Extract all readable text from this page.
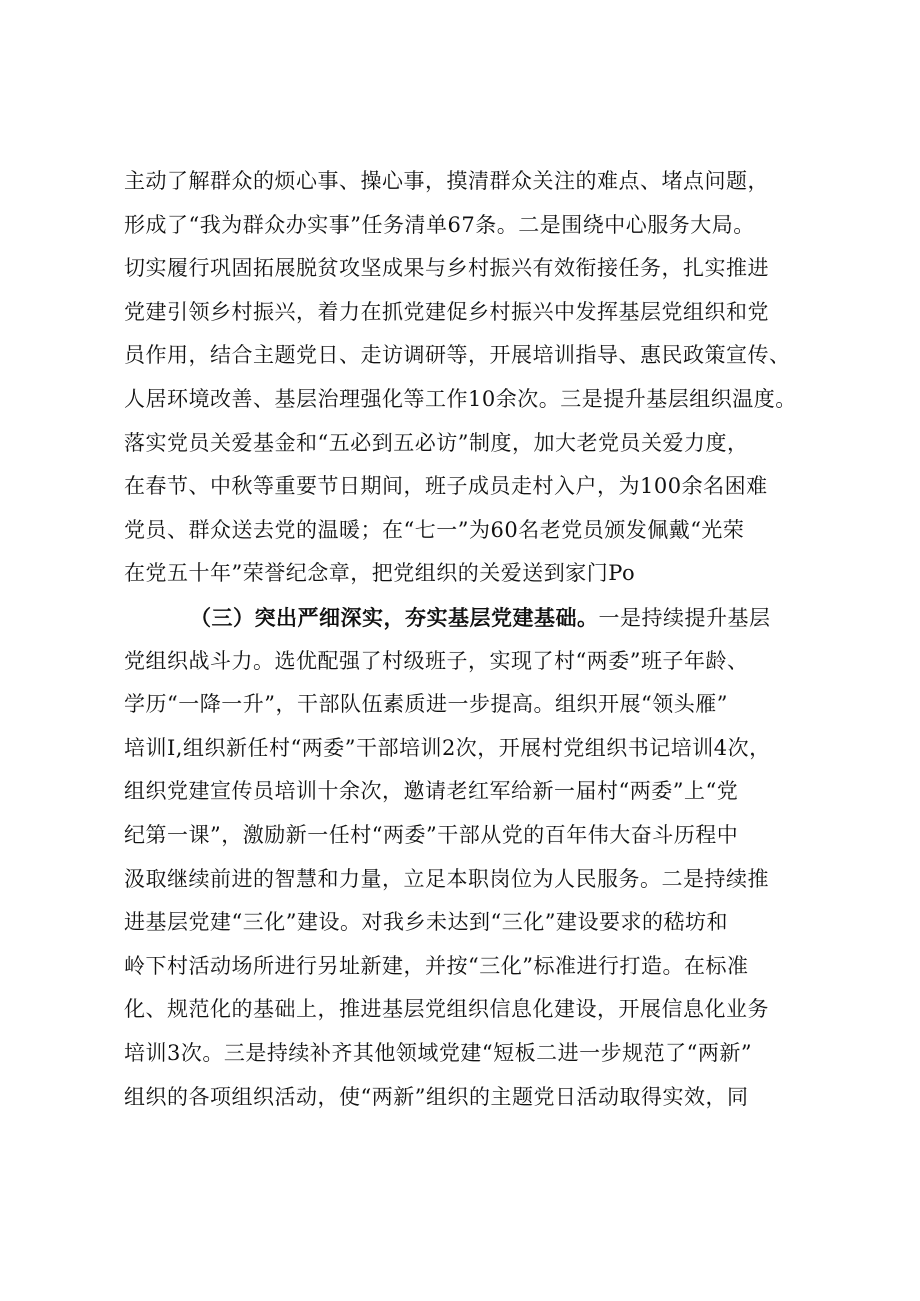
主动了解群众的烦心事、操心事，摸清群众关注的难点、堵点问题，
形成了“我为群众办实事”任务清单67条。二是围绕中心服务大局。
切实履行巩固拓展脱贫攻坚成果与乡村振兴有效衔接任务，扎实推进
党建引领乡村振兴，着力在抓党建促乡村振兴中发挥基层党组织和党
员作用，结合主题党日、走访调研等，开展培训指导、惠民政策宣传、
人居环境改善、基层治理强化等工作10余次。三是提升基层组织温度。
落实党员关爱基金和“五必到五必访”制度，加大老党员关爱力度，
在春节、中秋等重要节日期间，班子成员走村入户，为100余名困难
党员、群众送去党的温暖；在“七一”为60名老党员颁发佩戴“光荣
在党五十年”荣誉纪念章，把党组织的关爱送到家门Po
（三）突出严细深实，夯实基层党建基础。一是持续提升基层
党组织战斗力。选优配强了村级班子，实现了村“两委”班子年龄、
学历“一降一升”，干部队伍素质进一步提高。组织开展“领头雁”
培训I,组织新任村“两委”干部培训2次，开展村党组织书记培训4次，
组织党建宣传员培训十余次，邀请老红军给新一届村“两委”上“党
纪第一课”，激励新一任村“两委”干部从党的百年伟大奋斗历程中
汲取继续前进的智慧和力量，立足本职岗位为人民服务。二是持续推
进基层党建“三化”建设。对我乡未达到“三化”建设要求的嵇坊和
岭下村活动场所进行另址新建，并按“三化”标准进行打造。在标准
化、规范化的基础上，推进基层党组织信息化建设，开展信息化业务
培训3次。三是持续补齐其他领域党建“短板二进一步规范了“两新”
组织的各项组织活动，使“两新”组织的主题党日活动取得实效，同
